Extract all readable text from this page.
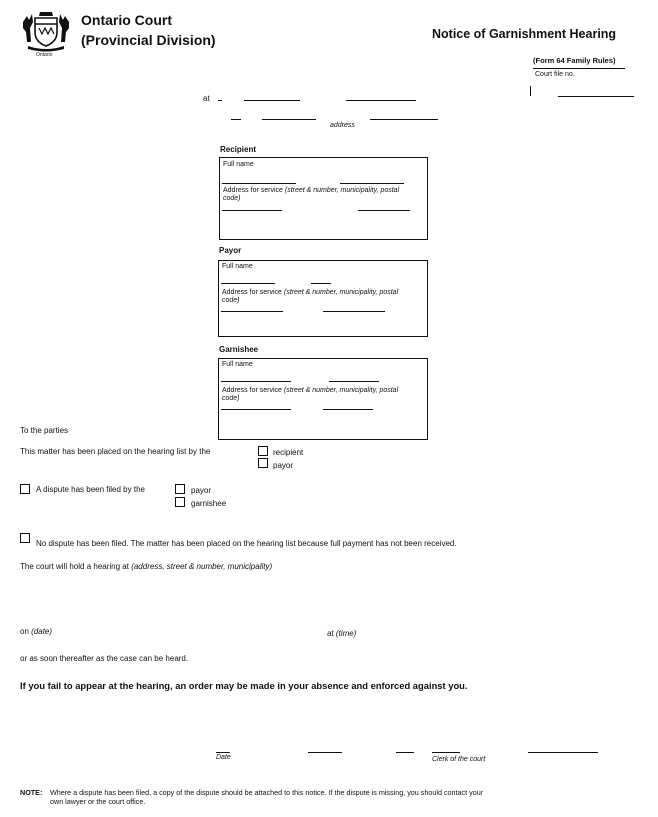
Ontario
Ontario Court
(Provincial Division)	Notice of Garnishment Hearing
(Form 64 Family Rules)
Court file no.
at
address
Recipient
Full name
Address for service (street & number, municipality, postal code)
Payor
Full name
Address for service (street & number, municipality, postal code)
Garnishee
Full name
Address for service (street & number, municipality, postal code)
To the parties
This matter has been placed on the hearing list by the	recipient
payor
A dispute has been filed by the	payor
garnishee
No dispute has been filed. The matter has been placed on the hearing list because full payment has not been received.
The court will hold a hearing at (address, street & number, municipality)
on (date)	at (time)
or as soon thereafter as the case can be heard.
If you fail to appear at the hearing, an order may be made in your absence and enforced against you.
Date	Clerk of the court
NOTE: Where a dispute has been filed, a copy of the dispute should be attached to this notice. If the dispute is missing, you should contact your
own lawyer or the court office.
